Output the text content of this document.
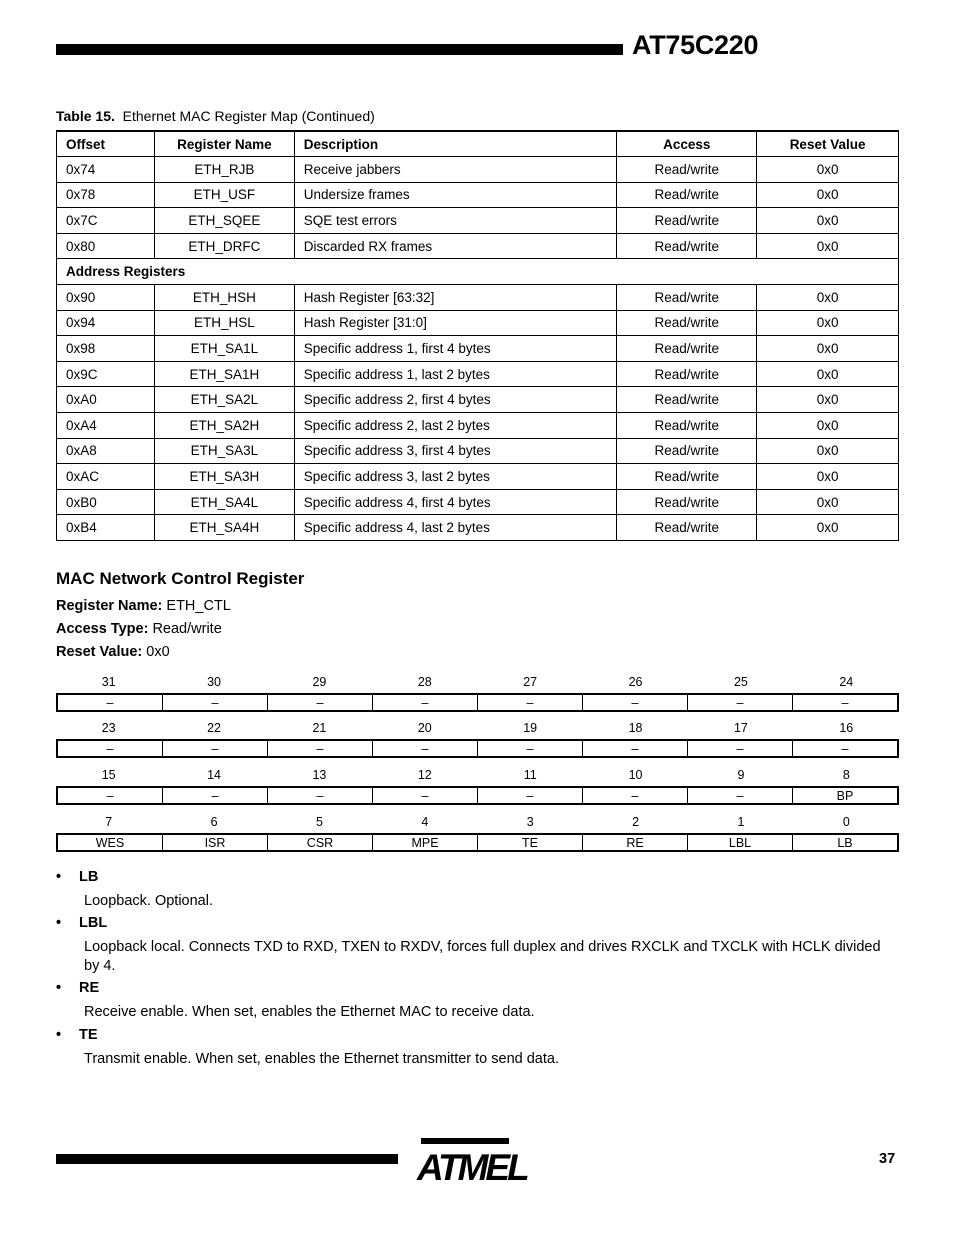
AT75C220
Table 15. Ethernet MAC Register Map (Continued)
Offset	Register Name	Description	Access	Reset Value
0x74	ETH_RJB	Receive jabbers	Read/write	0x0
0x78	ETH_USF	Undersize frames	Read/write	0x0
0x7C	ETH_SQEE	SQE test errors	Read/write	0x0
0x80	ETH_DRFC	Discarded RX frames	Read/write	0x0
Address Registers				
0x90	ETH_HSH	Hash Register [63:32]	Read/write	0x0
0x94	ETH_HSL	Hash Register [31:0]	Read/write	0x0
0x98	ETH_SA1L	Specific address 1, first 4 bytes	Read/write	0x0
0x9C	ETH_SA1H	Specific address 1, last 2 bytes	Read/write	0x0
0xA0	ETH_SA2L	Specific address 2, first 4 bytes	Read/write	0x0
0xA4	ETH_SA2H	Specific address 2, last 2 bytes	Read/write	0x0
0xA8	ETH_SA3L	Specific address 3, first 4 bytes	Read/write	0x0
0xAC	ETH_SA3H	Specific address 3, last 2 bytes	Read/write	0x0
0xB0	ETH_SA4L	Specific address 4, first 4 bytes	Read/write	0x0
0xB4	ETH_SA4H	Specific address 4, last 2 bytes	Read/write	0x0
MAC Network Control Register
Register Name: ETH_CTL
Access Type: Read/write
Reset Value: 0x0
31	30	29	28	27	26	25	24
–	–	–	–	–	–	–	–
23	22	21	20	19	18	17	16
–	–	–	–	–	–	–	–
15	14	13	12	11	10	9	8
–	–	–	–	–	–	–	BP
7	6	5	4	3	2	1	0
WES	ISR	CSR	MPE	TE	RE	LBL	LB
• LB
Loopback. Optional.
• LBL
Loopback local. Connects TXD to RXD, TXEN to RXDV, forces full duplex and drives RXCLK and TXCLK with HCLK divided by 4.
• RE
Receive enable. When set, enables the Ethernet MAC to receive data.
• TE
Transmit enable. When set, enables the Ethernet transmitter to send data.
ATMEL	37
